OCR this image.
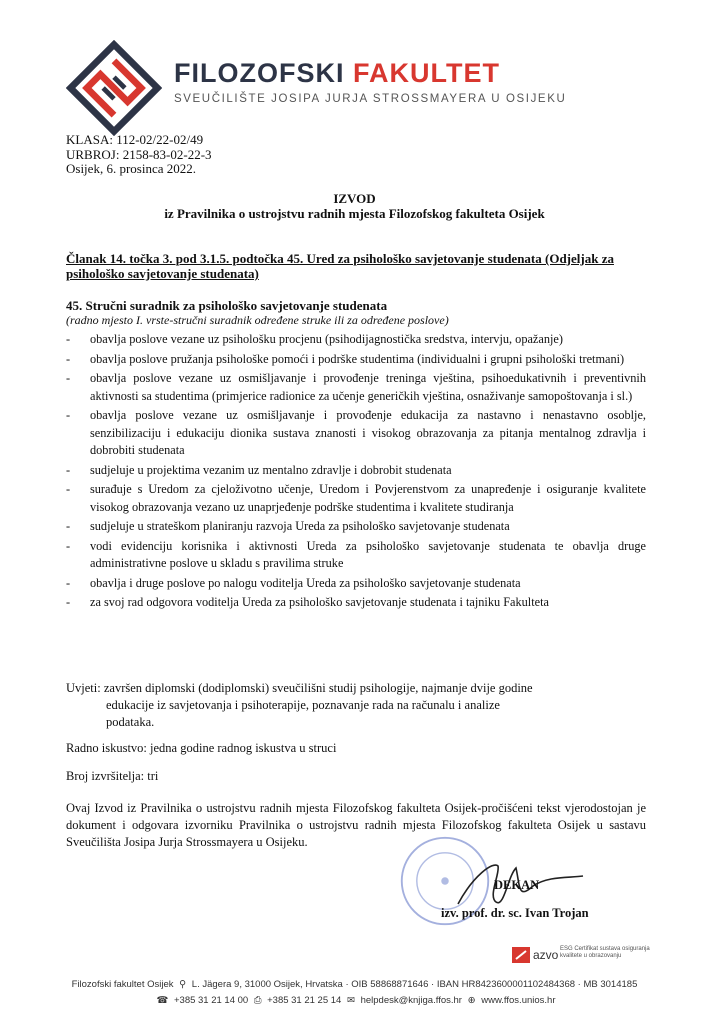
FILOZOFSKI FAKULTET
SVEUČILIŠTE JOSIPA JURJA STROSSMAYERA U OSIJEKU
KLASA: 112-02/22-02/49
URBROJ: 2158-83-02-22-3
Osijek, 6. prosinca 2022.
IZVOD
iz Pravilnika o ustrojstvu radnih mjesta Filozofskog fakulteta Osijek
Članak 14. točka 3. pod 3.1.5. podtočka 45. Ured za psihološko savjetovanje studenata (Odjeljak za psihološko savjetovanje studenata)
45. Stručni suradnik za psihološko savjetovanje studenata
(radno mjesto I. vrste-stručni suradnik određene struke ili za određene poslove)
- obavlja poslove vezane uz psihološku procjenu (psihodijagnostička sredstva, intervju, opažanje)
- obavlja poslove pružanja psihološke pomoći i podrške studentima (individualni i grupni psihološki tretmani)
- obavlja poslove vezane uz osmišljavanje i provođenje treninga vještina, psihoedukativnih i preventivnih aktivnosti sa studentima (primjerice radionice za učenje generičkih vještina, osnaživanje samopoštovanja i sl.)
- obavlja poslove vezane uz osmišljavanje i provođenje edukacija za nastavno i nenastavno osoblje, senzibilizaciju i edukaciju dionika sustava znanosti i visokog obrazovanja za pitanja mentalnog zdravlja i dobrobiti studenata
- sudjeluje u projektima vezanim uz mentalno zdravlje i dobrobit studenata
- surađuje s Uredom za cjeloživotno učenje, Uredom i Povjerenstvom za unapređenje i osiguranje kvalitete visokog obrazovanja vezano uz unaprjeđenje podrške studentima i kvalitete studiranja
- sudjeluje u strateškom planiranju razvoja Ureda za psihološko savjetovanje studenata
- vodi evidenciju korisnika i aktivnosti Ureda za psihološko savjetovanje studenata te obavlja druge administrativne poslove u skladu s pravilima struke
- obavlja i druge poslove po nalogu voditelja Ureda za psihološko savjetovanje studenata
- za svoj rad odgovora voditelja Ureda za psihološko savjetovanje studenata i tajniku Fakulteta
Uvjeti: završen diplomski (dodiplomski) sveučilišni studij psihologije, najmanje dvije godine
edukacije iz savjetovanja i psihoterapije, poznavanje rada na računalu i analize
podataka.
Radno iskustvo: jedna godine radnog iskustva u struci
Broj izvršitelja: tri
Ovaj Izvod iz Pravilnika o ustrojstvu radnih mjesta Filozofskog fakulteta Osijek-pročišćeni tekst vjerodostojan je dokument i odgovara izvorniku Pravilnika o ustrojstvu radnih mjesta Filozofskog fakulteta Osijek u sastavu Sveučilišta Josipa Jurja Strossmayera u Osijeku.
DEKAN
izv. prof. dr. sc. Ivan Trojan
azvo ESG Certifikat sustava osiguranja kvalitete u obrazovanju
Filozofski fakultet Osijek ⚲ L. Jägera 9, 31000 Osijek, Hrvatska · OIB 58868871646 · IBAN HR8423600001102484368 · MB 3014185
☎ +385 31 21 14 00 ⎙ +385 31 21 25 14 ✉ helpdesk@knjiga.ffos.hr ⊕ www.ffos.unios.hr
